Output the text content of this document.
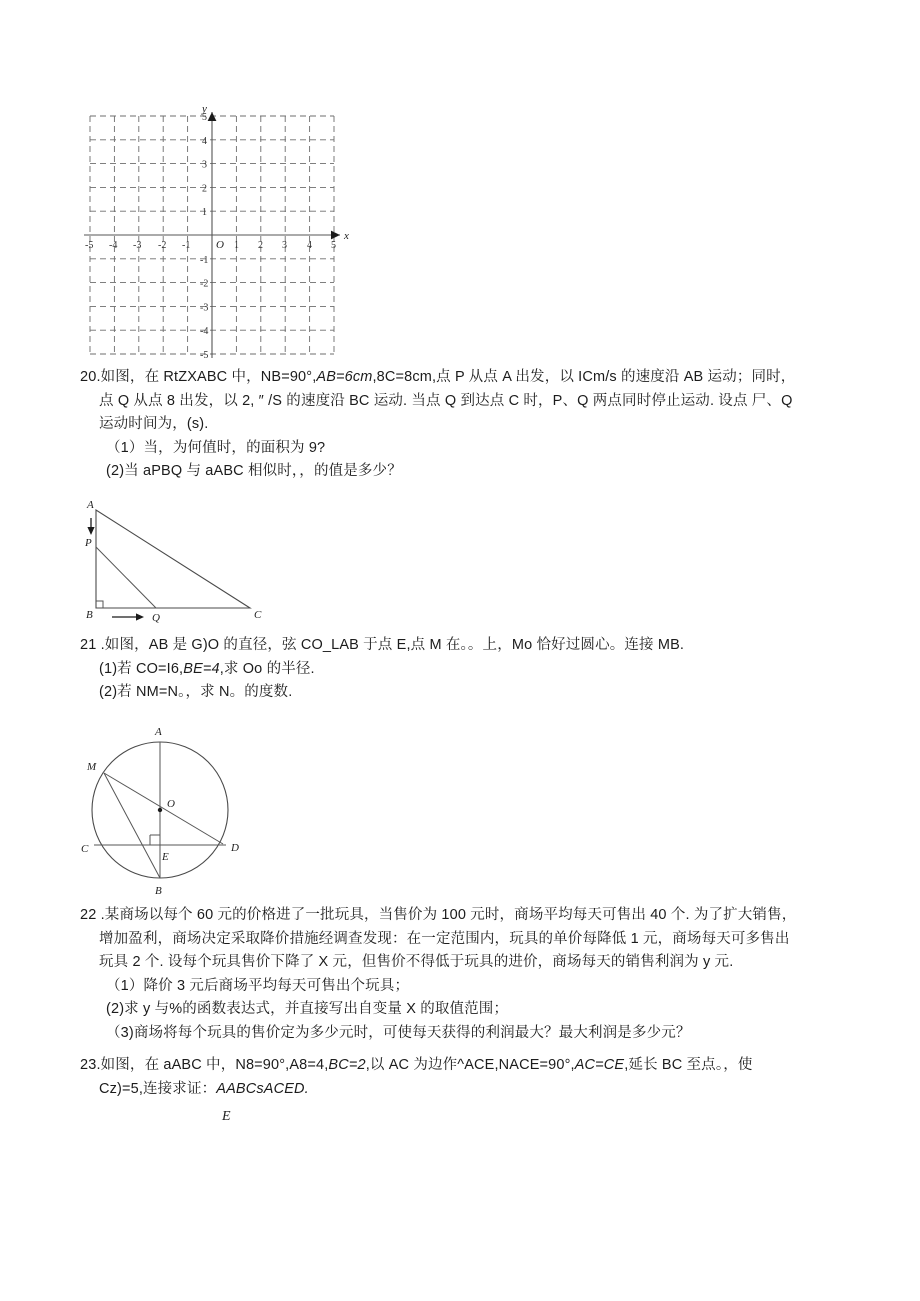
x
y
O
-5 -4 -3 -2 -1	1 2 3 4 5
5
4
3
2
1
-1
-2
-3
-4
-5
20.如图，在 RtZXABC 中，NB=90°,AB=6cm,8C=8cm,点 P 从点 A 出发，以 ICm/s 的速度沿 AB 运动；同时，
点 Q 从点 8 出发，以 2, ″ /S 的速度沿 BC 运动. 当点 Q 到达点 C 时，P、Q 两点同时停止运动. 设点 尸、Q
运动时间为，(s).
（1）当，为何值时，的面积为 9?
(2)当 aPBQ 与 aABC 相似时，，的值是多少？
A
B	C
P
Q
21 .如图，AB 是 G)O 的直径，弦 CO_LAB 于点 E,点 M 在。。上，Mo 恰好过圆心。连接 MB.
(1)若 CO=I6,BE=4,求 Oo 的半径.
(2)若 NM=N。，求 N。的度数.
A
B
C	D
E
M
O
22 .某商场以每个 60 元的价格进了一批玩具，当售价为 100 元时，商场平均每天可售出 40 个. 为了扩大销售，
增加盈利，商场决定采取降价措施经调查发现：在一定范围内，玩具的单价每降低 1 元，商场每天可多售出
玩具 2 个. 设每个玩具售价下降了 X 元，但售价不得低于玩具的进价，商场每天的销售利润为 y 元.
（1）降价 3 元后商场平均每天可售出个玩具；
(2)求 y 与%的函数表达式，并直接写出自变量 X 的取值范围；
（3)商场将每个玩具的售价定为多少元时，可使每天获得的利润最大？最大利润是多少元？
23.如图，在 aABC 中，N8=90°,A8=4,BC=2,以 AC 为边作^ACE,NACE=90°,AC=CE,延长 BC 至点。，使
Cz)=5,连接求证：AABCsACED.
E
